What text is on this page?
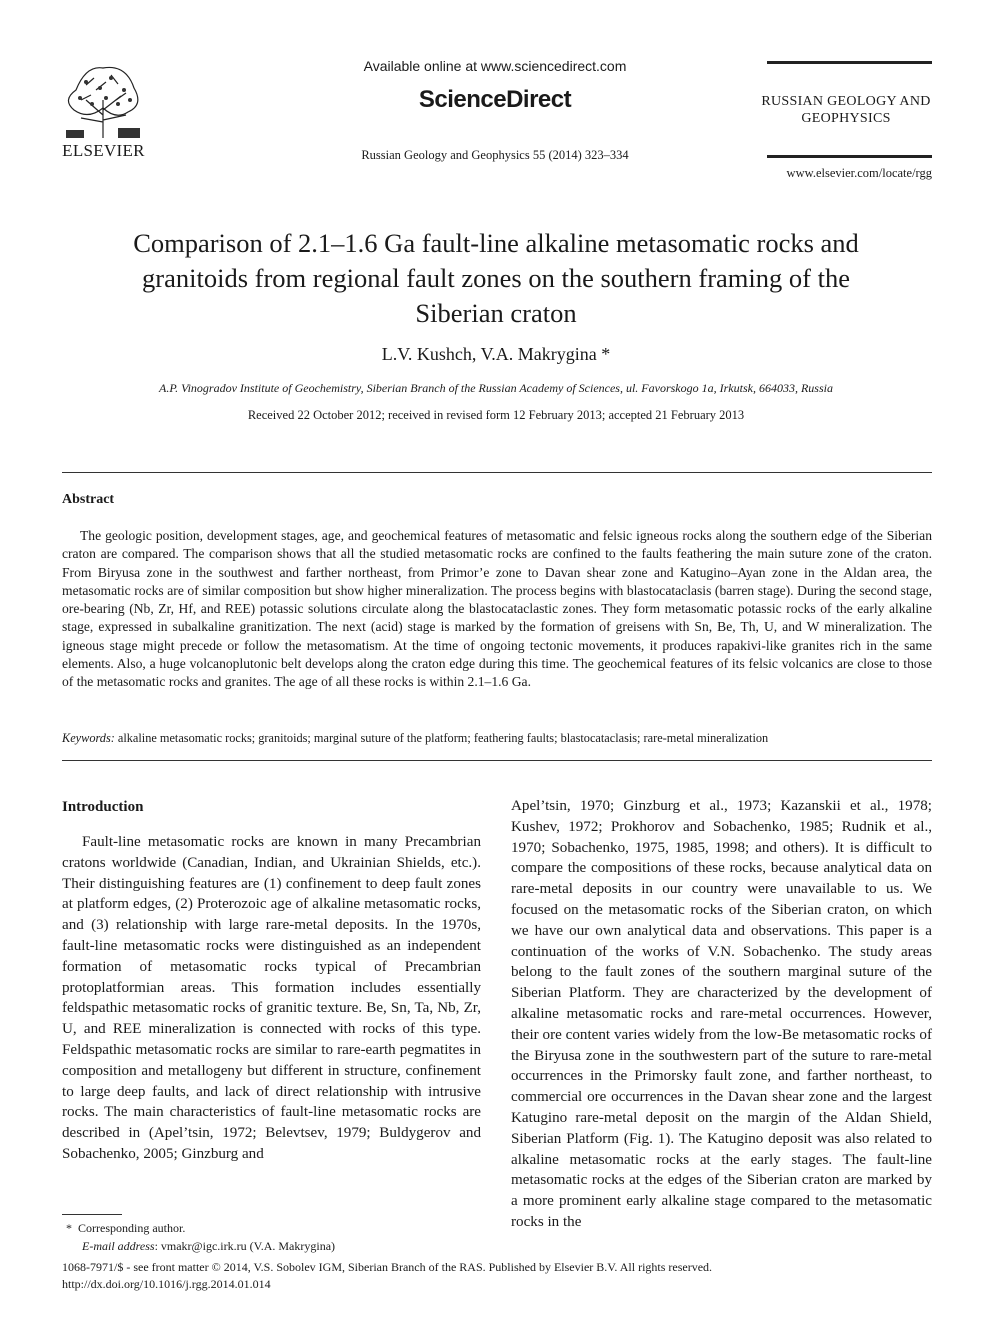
ELSEVIER
Available online at www.sciencedirect.com
ScienceDirect
Russian Geology and Geophysics 55 (2014) 323–334
RUSSIAN GEOLOGY AND GEOPHYSICS
www.elsevier.com/locate/rgg
Comparison of 2.1–1.6 Ga fault-line alkaline metasomatic rocks and granitoids from regional fault zones on the southern framing of the Siberian craton
L.V. Kushch, V.A. Makrygina *
A.P. Vinogradov Institute of Geochemistry, Siberian Branch of the Russian Academy of Sciences, ul. Favorskogo 1a, Irkutsk, 664033, Russia
Received 22 October 2012; received in revised form 12 February 2013; accepted 21 February 2013
Abstract
The geologic position, development stages, age, and geochemical features of metasomatic and felsic igneous rocks along the southern edge of the Siberian craton are compared. The comparison shows that all the studied metasomatic rocks are confined to the faults feathering the main suture zone of the craton. From Biryusa zone in the southwest and farther northeast, from Primor’e zone to Davan shear zone and Katugino–Ayan zone in the Aldan area, the metasomatic rocks are of similar composition but show higher mineralization. The process begins with blastocataclasis (barren stage). During the second stage, ore-bearing (Nb, Zr, Hf, and REE) potassic solutions circulate along the blastocataclastic zones. They form metasomatic potassic rocks of the early alkaline stage, expressed in subalkaline granitization. The next (acid) stage is marked by the formation of greisens with Sn, Be, Th, U, and W mineralization. The igneous stage might precede or follow the metasomatism. At the time of ongoing tectonic movements, it produces rapakivi-like granites rich in the same elements. Also, a huge volcanoplutonic belt develops along the craton edge during this time. The geochemical features of its felsic volcanics are close to those of the metasomatic rocks and granites. The age of all these rocks is within 2.1–1.6 Ga.
Keywords: alkaline metasomatic rocks; granitoids; marginal suture of the platform; feathering faults; blastocataclasis; rare-metal mineralization
Introduction
Fault-line metasomatic rocks are known in many Precambrian cratons worldwide (Canadian, Indian, and Ukrainian Shields, etc.). Their distinguishing features are (1) confinement to deep fault zones at platform edges, (2) Proterozoic age of alkaline metasomatic rocks, and (3) relationship with large rare-metal deposits. In the 1970s, fault-line metasomatic rocks were distinguished as an independent formation of metasomatic rocks typical of Precambrian protoplatformian areas. This formation includes essentially feldspathic metasomatic rocks of granitic texture. Be, Sn, Ta, Nb, Zr, U, and REE mineralization is connected with rocks of this type. Feldspathic metasomatic rocks are similar to rare-earth pegmatites in composition and metallogeny but different in structure, confinement to large deep faults, and lack of direct relationship with intrusive rocks. The main characteristics of fault-line metasomatic rocks are described in (Apel’tsin, 1972; Belevtsev, 1979; Buldygerov and Sobachenko, 2005; Ginzburg and
Apel’tsin, 1970; Ginzburg et al., 1973; Kazanskii et al., 1978; Kushev, 1972; Prokhorov and Sobachenko, 1985; Rudnik et al., 1970; Sobachenko, 1975, 1985, 1998; and others). It is difficult to compare the compositions of these rocks, because analytical data on rare-metal deposits in our country were unavailable to us. We focused on the metasomatic rocks of the Siberian craton, on which we have our own analytical data and observations. This paper is a continuation of the works of V.N. Sobachenko. The study areas belong to the fault zones of the southern marginal suture of the Siberian Platform. They are characterized by the development of alkaline metasomatic rocks and rare-metal occurrences. However, their ore content varies widely from the low-Be metasomatic rocks of the Biryusa zone in the southwestern part of the suture to rare-metal occurrences in the Primorsky fault zone, and farther northeast, to commercial ore occurrences in the Davan shear zone and the largest Katugino rare-metal deposit on the margin of the Aldan Shield, Siberian Platform (Fig. 1). The Katugino deposit was also related to alkaline metasomatic rocks at the early stages. The fault-line metasomatic rocks at the edges of the Siberian craton are marked by a more prominent early alkaline stage compared to the metasomatic rocks in the
* Corresponding author.
E-mail address: vmakr@igc.irk.ru (V.A. Makrygina)
1068-7971/$ - see front matter © 2014, V.S. Sobolev IGM, Siberian Branch of the RAS. Published by Elsevier B.V. All rights reserved.
http://dx.doi.org/10.1016/j.rgg.2014.01.014
